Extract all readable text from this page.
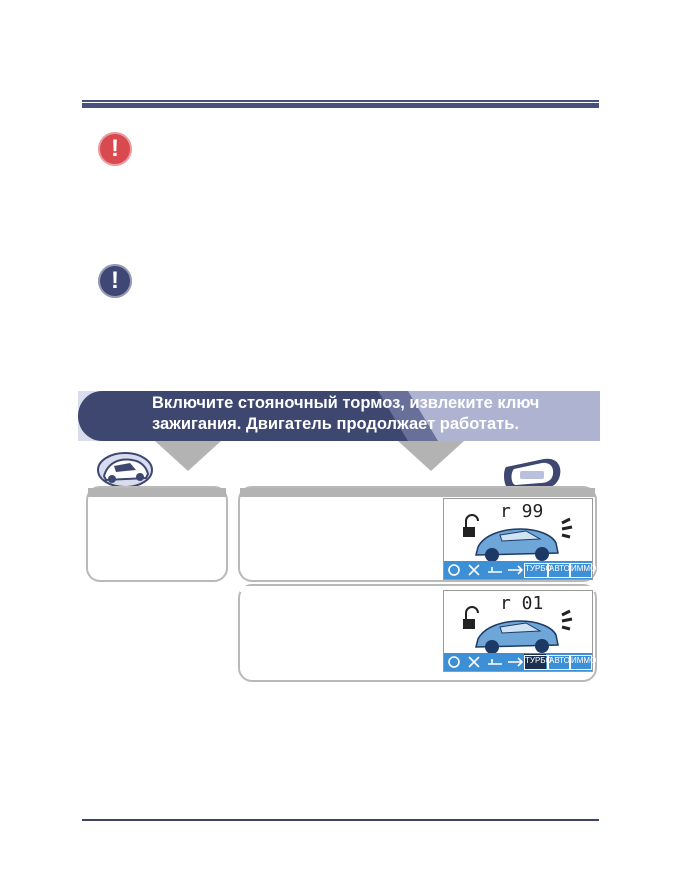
!
!
Включите стояночный тормоз, извлеките ключ
зажигания. Двигатель продолжает работать.
r 99
ТУРБО
АВТО ИММО
r 01
ТУРБО
АВТО ИММО
